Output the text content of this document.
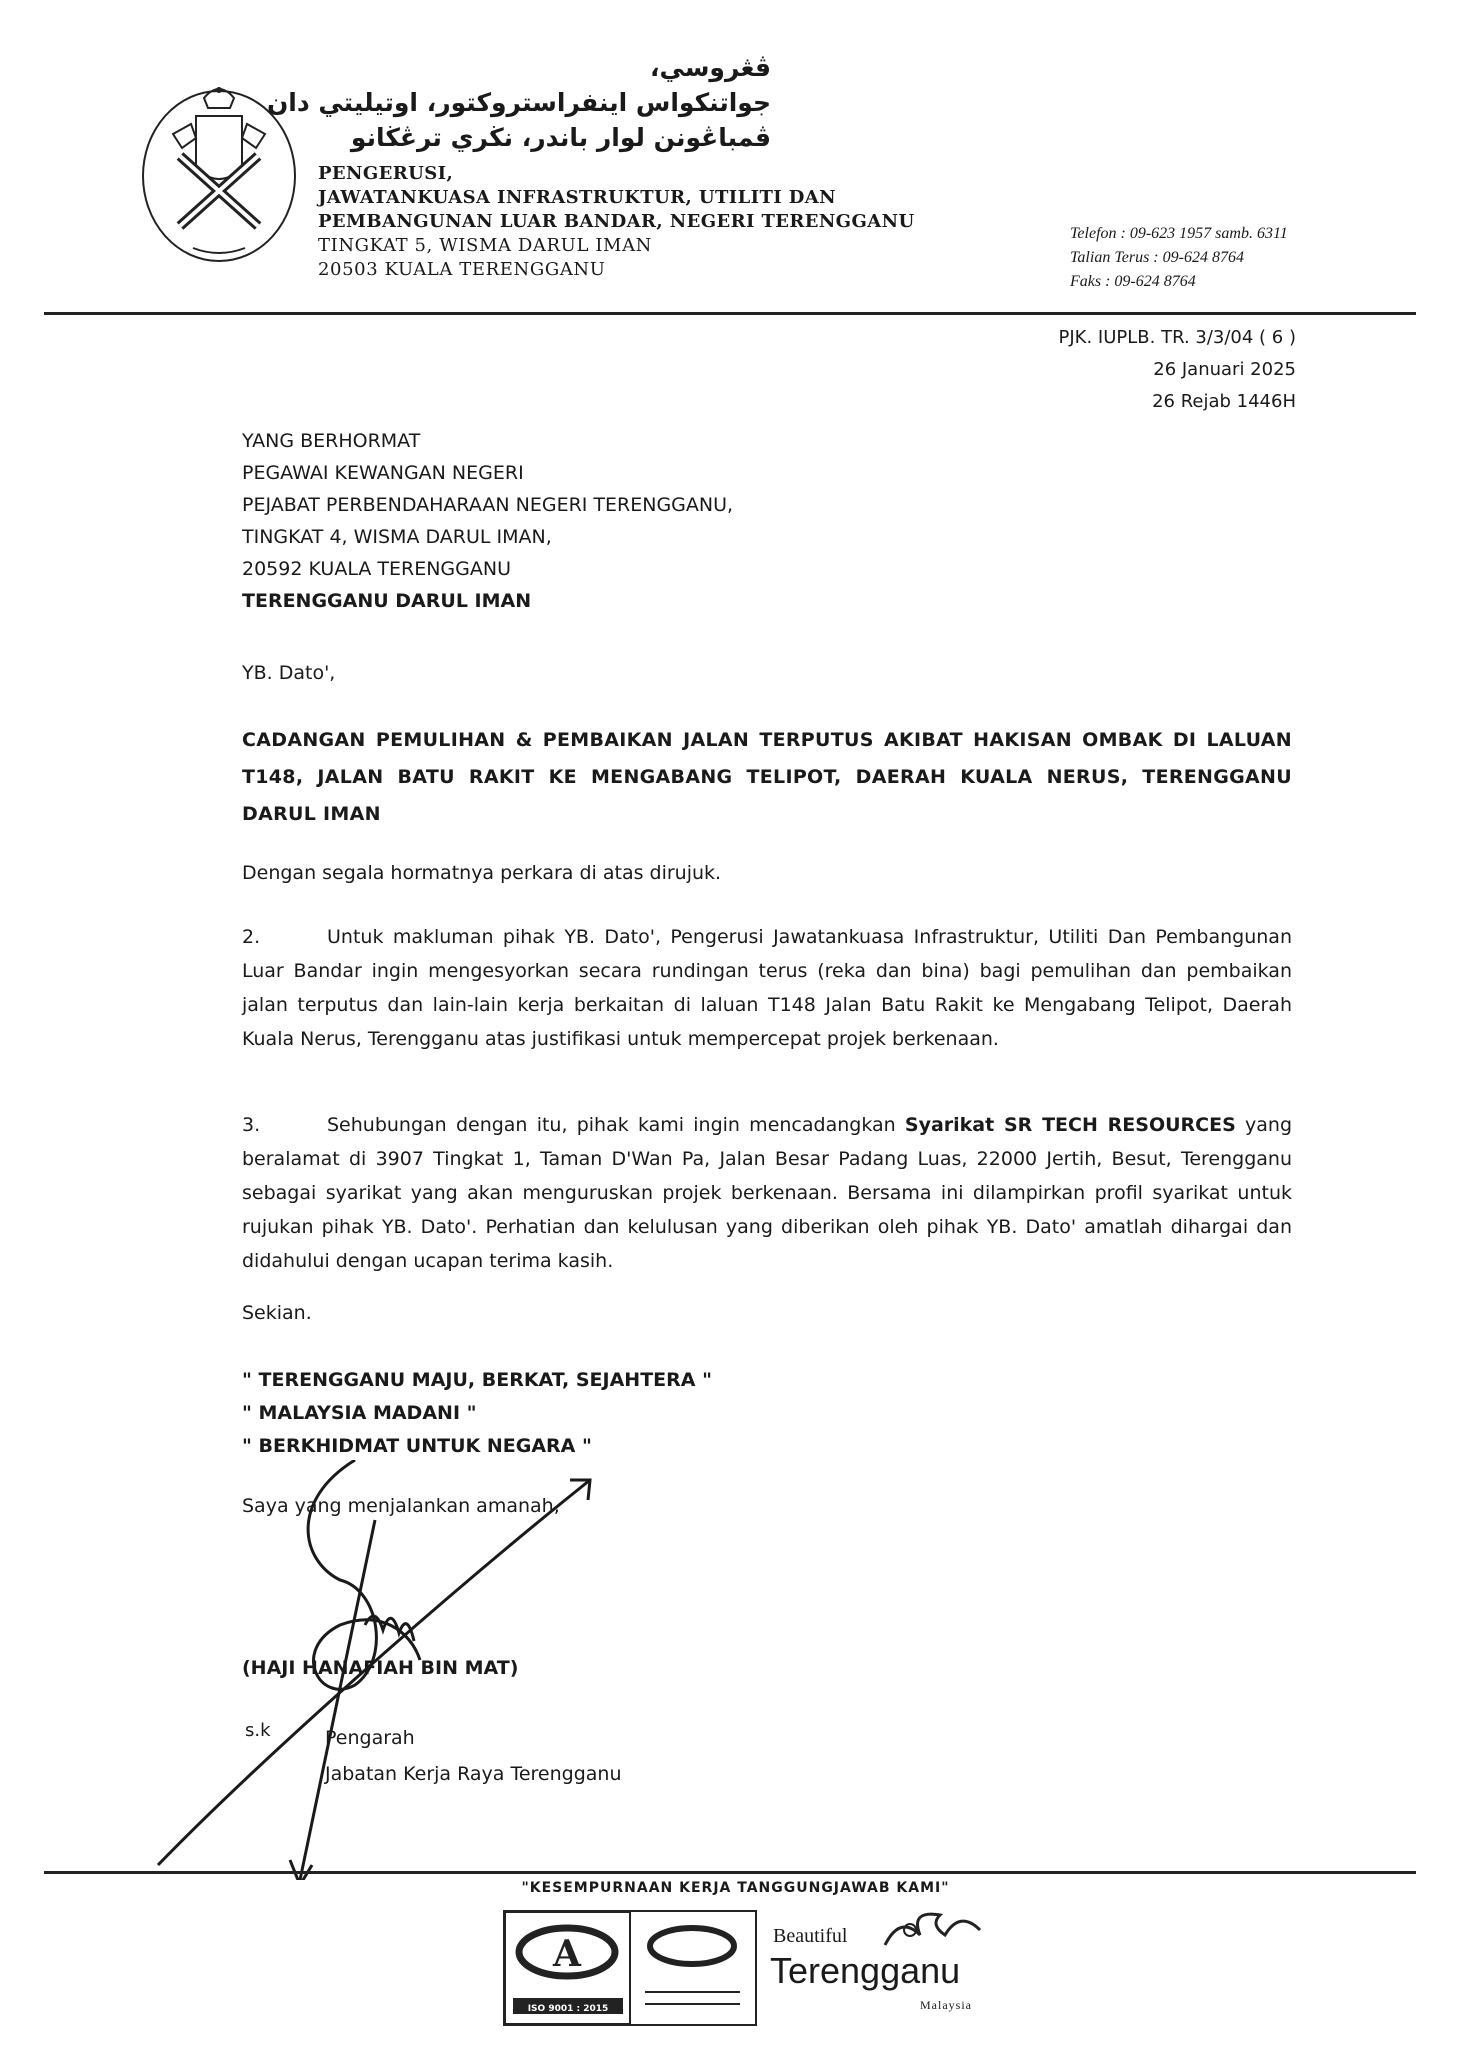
ڤڠروسي،
جواتنكواس اينفراستروكتور، اوتيليتي دان
ڤمباڠونن لوار باندر، نڬري ترڠڬانو
PENGERUSI,
JAWATANKUASA INFRASTRUKTUR, UTILITI DAN
PEMBANGUNAN LUAR BANDAR, NEGERI TERENGGANU
TINGKAT 5, WISMA DARUL IMAN
20503 KUALA TERENGGANU
Telefon : 09-623 1957 samb. 6311
Talian Terus : 09-624 8764
Faks : 09-624 8764
PJK. IUPLB. TR. 3/3/04 ( 6 )
26 Januari 2025
26 Rejab 1446H
YANG BERHORMAT
PEGAWAI KEWANGAN NEGERI
PEJABAT PERBENDAHARAAN NEGERI TERENGGANU,
TINGKAT 4, WISMA DARUL IMAN,
20592 KUALA TERENGGANU
TERENGGANU DARUL IMAN
YB. Dato',
CADANGAN PEMULIHAN & PEMBAIKAN JALAN TERPUTUS AKIBAT HAKISAN OMBAK DI LALUAN T148, JALAN BATU RAKIT KE MENGABANG TELIPOT, DAERAH KUALA NERUS, TERENGGANU DARUL IMAN
Dengan segala hormatnya perkara di atas dirujuk.
2.	Untuk makluman pihak YB. Dato', Pengerusi Jawatankuasa Infrastruktur, Utiliti Dan Pembangunan Luar Bandar ingin mengesyorkan secara rundingan terus (reka dan bina) bagi pemulihan dan pembaikan jalan terputus dan lain-lain kerja berkaitan di laluan T148 Jalan Batu Rakit ke Mengabang Telipot, Daerah Kuala Nerus, Terengganu atas justifikasi untuk mempercepat projek berkenaan.
3.	Sehubungan dengan itu, pihak kami ingin mencadangkan Syarikat SR TECH RESOURCES yang beralamat di 3907 Tingkat 1, Taman D'Wan Pa, Jalan Besar Padang Luas, 22000 Jertih, Besut, Terengganu sebagai syarikat yang akan menguruskan projek berkenaan. Bersama ini dilampirkan profil syarikat untuk rujukan pihak YB. Dato'. Perhatian dan kelulusan yang diberikan oleh pihak YB. Dato' amatlah dihargai dan didahului dengan ucapan terima kasih.
Sekian.
" TERENGGANU MAJU, BERKAT, SEJAHTERA "
" MALAYSIA MADANI "
" BERKHIDMAT UNTUK NEGARA "
Saya yang menjalankan amanah,
(HAJI HANAFIAH BIN MAT)
s.k	Pengarah
Jabatan Kerja Raya Terengganu
"KESEMPURNAAN KERJA TANGGUNGJAWAB KAMI"
A
ISO 9001 : 2015
Beautiful
Terengganu
Malaysia
